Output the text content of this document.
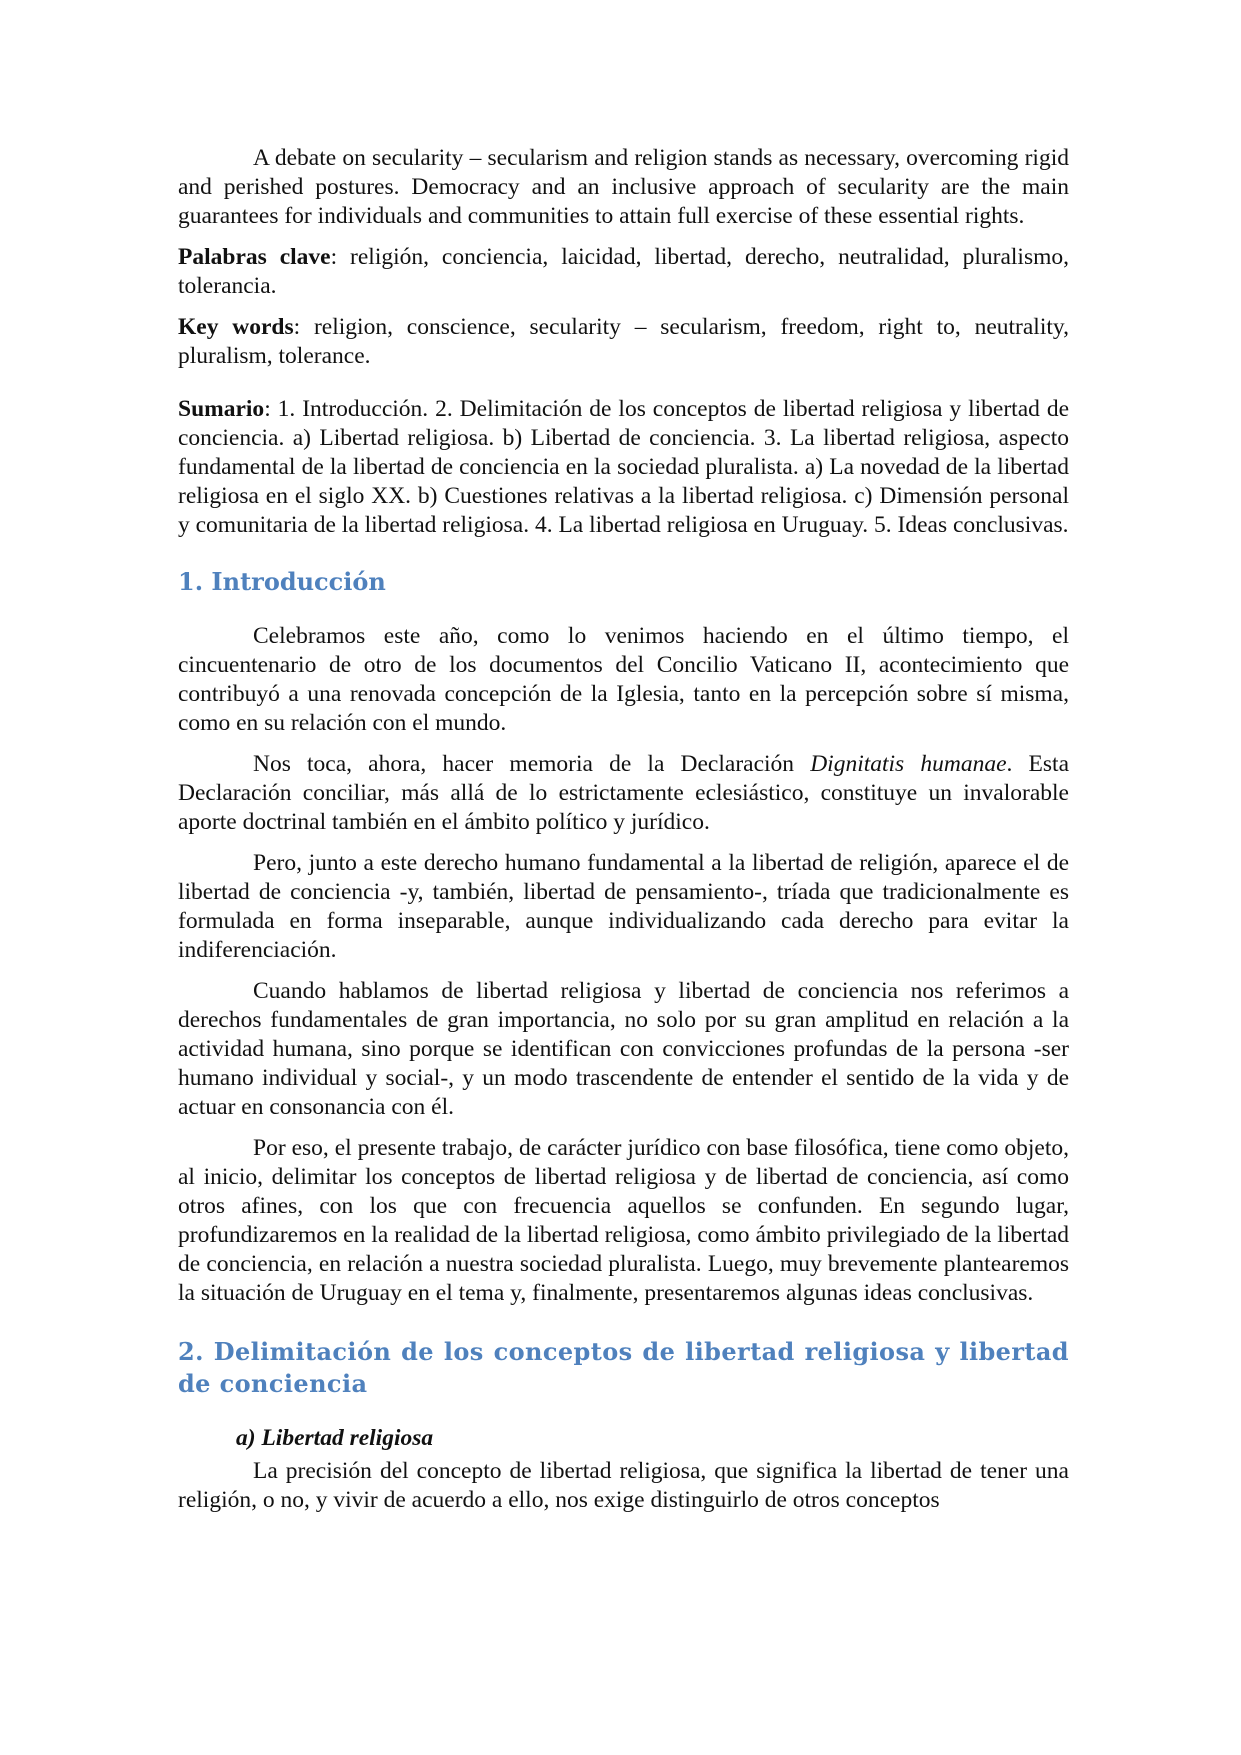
A debate on secularity – secularism and religion stands as necessary, overcoming rigid and perished postures. Democracy and an inclusive approach of secularity are the main guarantees for individuals and communities to attain full exercise of these essential rights.

Palabras clave: religión, conciencia, laicidad, libertad, derecho, neutralidad, pluralismo, tolerancia.

Key words: religion, conscience, secularity – secularism, freedom, right to, neutrality, pluralism, tolerance.

Sumario: 1. Introducción. 2. Delimitación de los conceptos de libertad religiosa y libertad de conciencia. a) Libertad religiosa. b) Libertad de conciencia. 3. La libertad religiosa, aspecto fundamental de la libertad de conciencia en la sociedad pluralista. a) La novedad de la libertad religiosa en el siglo XX. b) Cuestiones relativas a la libertad religiosa. c) Dimensión personal y comunitaria de la libertad religiosa. 4. La libertad religiosa en Uruguay. 5. Ideas conclusivas.

1. Introducción

Celebramos este año, como lo venimos haciendo en el último tiempo, el cincuentenario de otro de los documentos del Concilio Vaticano II, acontecimiento que contribuyó a una renovada concepción de la Iglesia, tanto en la percepción sobre sí misma, como en su relación con el mundo.

Nos toca, ahora, hacer memoria de la Declaración Dignitatis humanae. Esta Declaración conciliar, más allá de lo estrictamente eclesiástico, constituye un invalorable aporte doctrinal también en el ámbito político y jurídico.

Pero, junto a este derecho humano fundamental a la libertad de religión, aparece el de libertad de conciencia -y, también, libertad de pensamiento-, tríada que tradicionalmente es formulada en forma inseparable, aunque individualizando cada derecho para evitar la indiferenciación.

Cuando hablamos de libertad religiosa y libertad de conciencia nos referimos a derechos fundamentales de gran importancia, no solo por su gran amplitud en relación a la actividad humana, sino porque se identifican con convicciones profundas de la persona -ser humano individual y social-, y un modo trascendente de entender el sentido de la vida y de actuar en consonancia con él.

Por eso, el presente trabajo, de carácter jurídico con base filosófica, tiene como objeto, al inicio, delimitar los conceptos de libertad religiosa y de libertad de conciencia, así como otros afines, con los que con frecuencia aquellos se confunden. En segundo lugar, profundizaremos en la realidad de la libertad religiosa, como ámbito privilegiado de la libertad de conciencia, en relación a nuestra sociedad pluralista. Luego, muy brevemente plantearemos la situación de Uruguay en el tema y, finalmente, presentaremos algunas ideas conclusivas.

2. Delimitación de los conceptos de libertad religiosa y libertad de conciencia
a) Libertad religiosa

La precisión del concepto de libertad religiosa, que significa la libertad de tener una religión, o no, y vivir de acuerdo a ello, nos exige distinguirlo de otros conceptos
